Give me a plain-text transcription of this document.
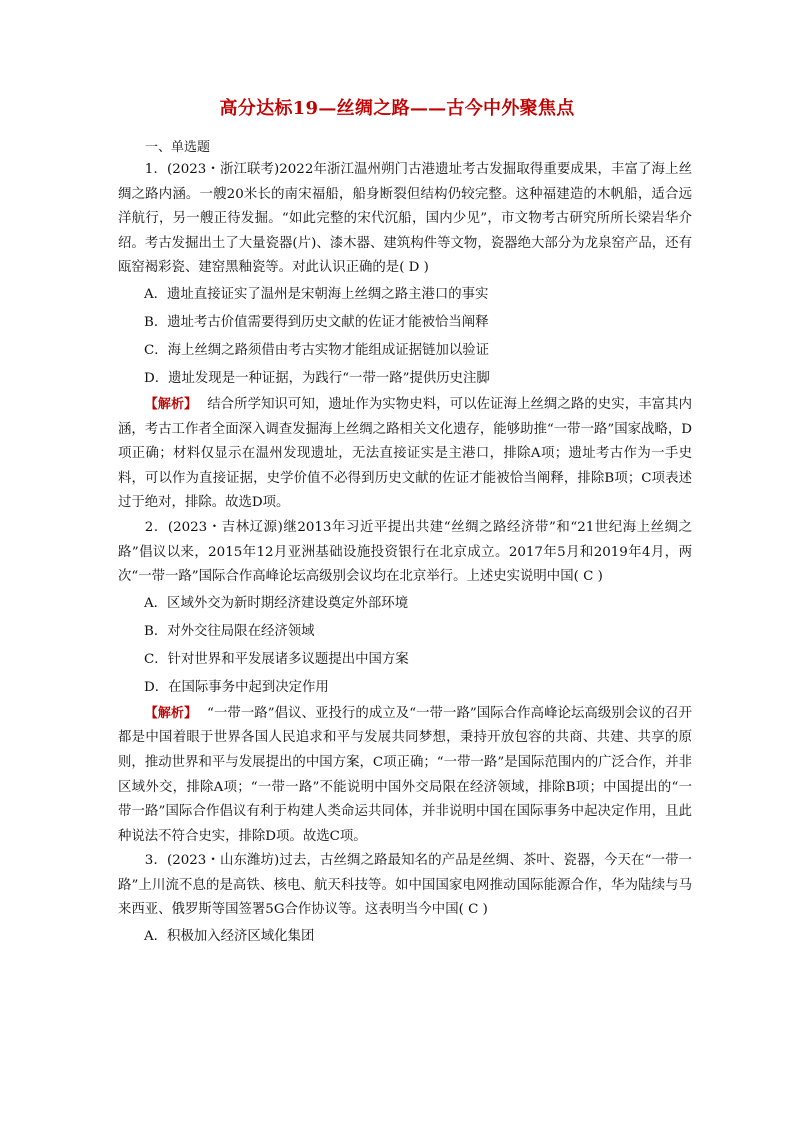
高分达标19—丝绸之路——古今中外聚焦点
一、单选题

1．(2023・浙江联考)2022年浙江温州朔门古港遗址考古发掘取得重要成果，丰富了海上丝绸之路内涵。一艘20米长的南宋福船，船身断裂但结构仍较完整。这种福建造的木帆船，适合远洋航行，另一艘正待发掘。“如此完整的宋代沉船，国内少见”，市文物考古研究所所长梁岩华介绍。考古发掘出土了大量瓷器(片)、漆木器、建筑构件等文物，瓷器绝大部分为龙泉窑产品，还有瓯窑褐彩瓷、建窑黑釉瓷等。对此认识正确的是( D )

A．遗址直接证实了温州是宋朝海上丝绸之路主港口的事实

B．遗址考古价值需要得到历史文献的佐证才能被恰当阐释

C．海上丝绸之路须借由考古实物才能组成证据链加以验证

D．遗址发现是一种证据，为践行“一带一路”提供历史注脚

【解析】 结合所学知识可知，遗址作为实物史料，可以佐证海上丝绸之路的史实，丰富其内涵，考古工作者全面深入调查发掘海上丝绸之路相关文化遗存，能够助推“一带一路”国家战略，D项正确；材料仅显示在温州发现遗址，无法直接证实是主港口，排除A项；遗址考古作为一手史料，可以作为直接证据，史学价值不必得到历史文献的佐证才能被恰当阐释，排除B项；C项表述过于绝对，排除。故选D项。

2．(2023・吉林辽源)继2013年习近平提出共建“丝绸之路经济带”和“21世纪海上丝绸之路”倡议以来，2015年12月亚洲基础设施投资银行在北京成立。2017年5月和2019年4月，两次“一带一路”国际合作高峰论坛高级别会议均在北京举行。上述史实说明中国( C )

A．区域外交为新时期经济建设奠定外部环境

B．对外交往局限在经济领域

C．针对世界和平发展诸多议题提出中国方案

D．在国际事务中起到决定作用

【解析】 “一带一路”倡议、亚投行的成立及“一带一路”国际合作高峰论坛高级别会议的召开都是中国着眼于世界各国人民追求和平与发展共同梦想，秉持开放包容的共商、共建、共享的原则，推动世界和平与发展提出的中国方案，C项正确；“一带一路”是国际范围内的广泛合作，并非区域外交，排除A项；“一带一路”不能说明中国外交局限在经济领域，排除B项；中国提出的“一带一路”国际合作倡议有利于构建人类命运共同体，并非说明中国在国际事务中起决定作用，且此种说法不符合史实，排除D项。故选C项。

3．(2023・山东潍坊)过去，古丝绸之路最知名的产品是丝绸、茶叶、瓷器，今天在“一带一路”上川流不息的是高铁、核电、航天科技等。如中国国家电网推动国际能源合作，华为陆续与马来西亚、俄罗斯等国签署5G合作协议等。这表明当今中国( C )

A．积极加入经济区域化集团
